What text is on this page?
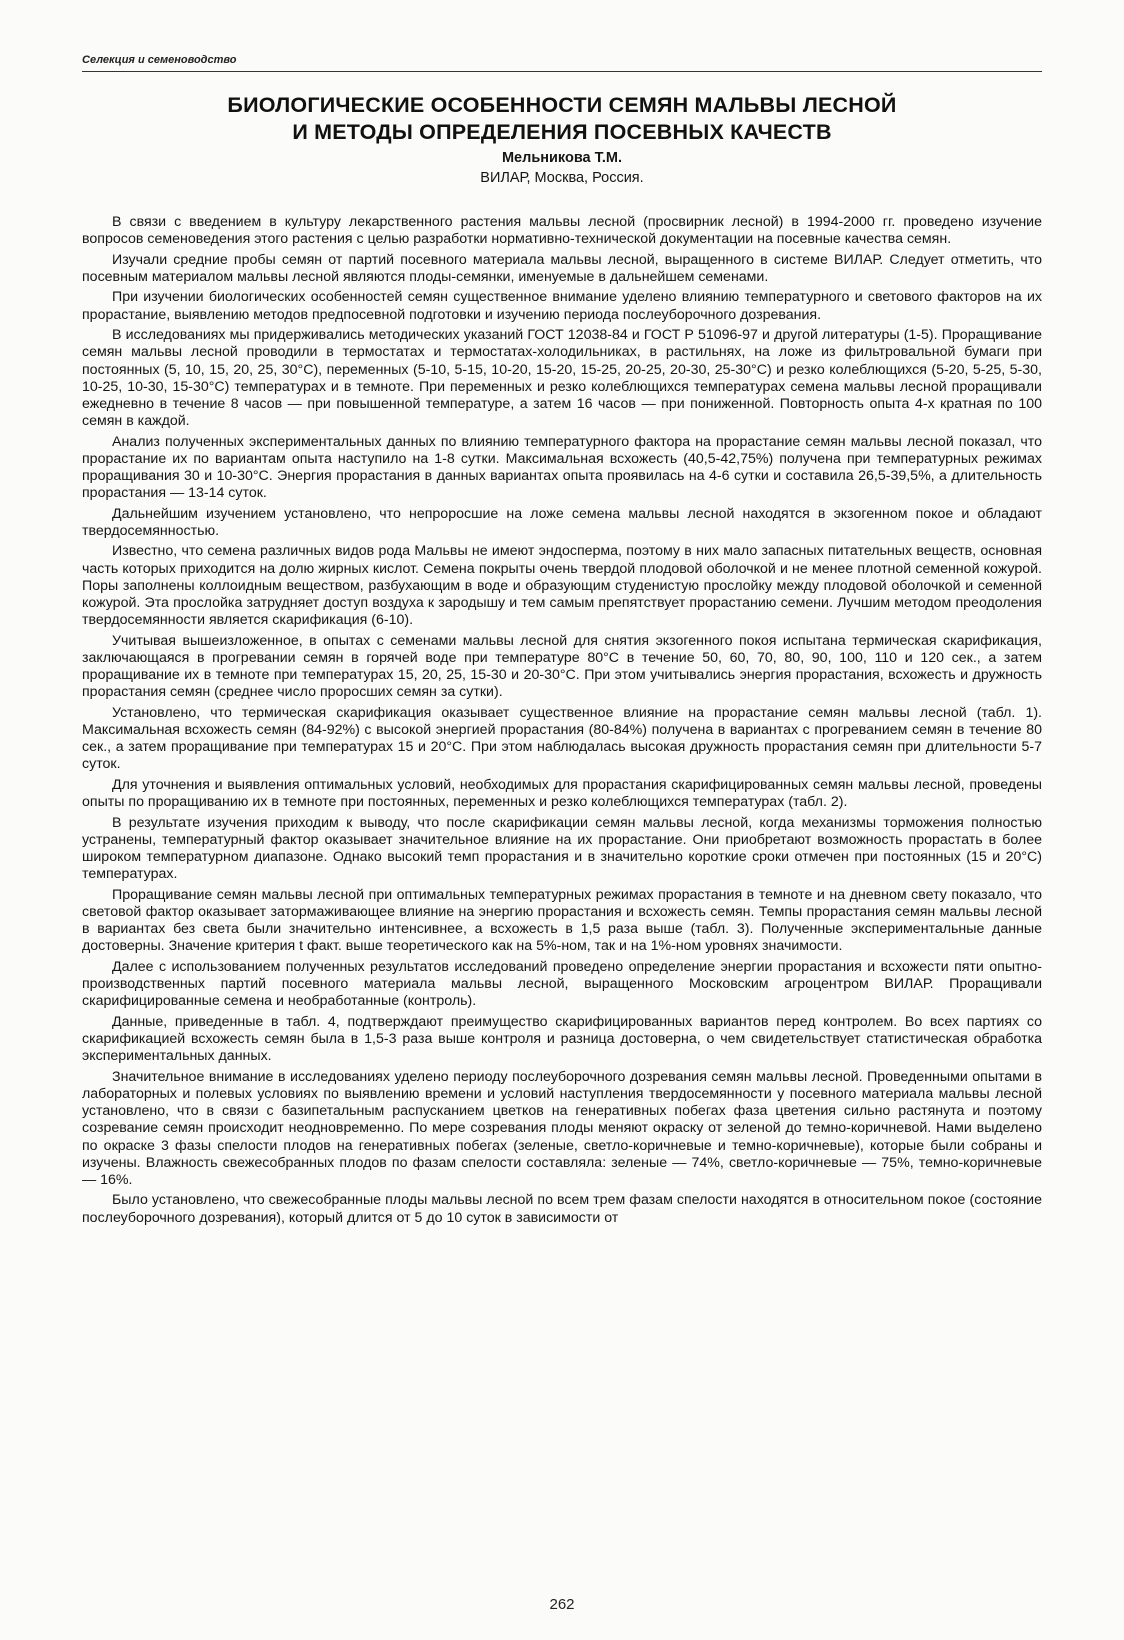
Селекция и семеноводство
БИОЛОГИЧЕСКИЕ ОСОБЕННОСТИ СЕМЯН МАЛЬВЫ ЛЕСНОЙ
И МЕТОДЫ ОПРЕДЕЛЕНИЯ ПОСЕВНЫХ КАЧЕСТВ

Мельникова Т.М.

ВИЛАР, Москва, Россия.

В связи с введением в культуру лекарственного растения мальвы лесной (просвирник лесной) в 1994-2000 гг. проведено изучение вопросов семеноведения этого растения с целью разработки нормативно-технической документации на посевные качества семян.

Изучали средние пробы семян от партий посевного материала мальвы лесной, выращенного в системе ВИЛАР. Следует отметить, что посевным материалом мальвы лесной являются плоды-семянки, именуемые в дальнейшем семенами.

При изучении биологических особенностей семян существенное внимание уделено влиянию температурного и светового факторов на их прорастание, выявлению методов предпосевной подготовки и изучению периода послеуборочного дозревания.

В исследованиях мы придерживались методических указаний ГОСТ 12038-84 и ГОСТ Р 51096-97 и другой литературы (1-5). Проращивание семян мальвы лесной проводили в термостатах и термостатах-холодильниках, в растильнях, на ложе из фильтровальной бумаги при постоянных (5, 10, 15, 20, 25, 30°С), переменных (5-10, 5-15, 10-20, 15-20, 15-25, 20-25, 20-30, 25-30°С) и резко колеблющихся (5-20, 5-25, 5-30, 10-25, 10-30, 15-30°С) температурах и в темноте. При переменных и резко колеблющихся температурах семена мальвы лесной проращивали ежедневно в течение 8 часов — при повышенной температуре, а затем 16 часов — при пониженной. Повторность опыта 4-х кратная по 100 семян в каждой.

Анализ полученных экспериментальных данных по влиянию температурного фактора на прорастание семян мальвы лесной показал, что прорастание их по вариантам опыта наступило на 1-8 сутки. Максимальная всхожесть (40,5-42,75%) получена при температурных режимах проращивания 30 и 10-30°С. Энергия прорастания в данных вариантах опыта проявилась на 4-6 сутки и составила 26,5-39,5%, а длительность прорастания — 13-14 суток.

Дальнейшим изучением установлено, что непроросшие на ложе семена мальвы лесной находятся в экзогенном покое и обладают твердосемянностью.

Известно, что семена различных видов рода Мальвы не имеют эндосперма, поэтому в них мало запасных питательных веществ, основная часть которых приходится на долю жирных кислот. Семена покрыты очень твердой плодовой оболочкой и не менее плотной семенной кожурой. Поры заполнены коллоидным веществом, разбухающим в воде и образующим студенистую прослойку между плодовой оболочкой и семенной кожурой. Эта прослойка затрудняет доступ воздуха к зародышу и тем самым препятствует прорастанию семени. Лучшим методом преодоления твердосемянности является скарификация (6-10).

Учитывая вышеизложенное, в опытах с семенами мальвы лесной для снятия экзогенного покоя испытана термическая скарификация, заключающаяся в прогревании семян в горячей воде при температуре 80°С в течение 50, 60, 70, 80, 90, 100, 110 и 120 сек., а затем проращивание их в темноте при температурах 15, 20, 25, 15-30 и 20-30°С. При этом учитывались энергия прорастания, всхожесть и дружность прорастания семян (среднее число проросших семян за сутки).

Установлено, что термическая скарификация оказывает существенное влияние на прорастание семян мальвы лесной (табл. 1). Максимальная всхожесть семян (84-92%) с высокой энергией прорастания (80-84%) получена в вариантах с прогреванием семян в течение 80 сек., а затем проращивание при температурах 15 и 20°С. При этом наблюдалась высокая дружность прорастания семян при длительности 5-7 суток.

Для уточнения и выявления оптимальных условий, необходимых для прорастания скарифицированных семян мальвы лесной, проведены опыты по проращиванию их в темноте при постоянных, переменных и резко колеблющихся температурах (табл. 2).

В результате изучения приходим к выводу, что после скарификации семян мальвы лесной, когда механизмы торможения полностью устранены, температурный фактор оказывает значительное влияние на их прорастание. Они приобретают возможность прорастать в более широком температурном диапазоне. Однако высокий темп прорастания и в значительно короткие сроки отмечен при постоянных (15 и 20°С) температурах.

Проращивание семян мальвы лесной при оптимальных температурных режимах прорастания в темноте и на дневном свету показало, что световой фактор оказывает затормаживающее влияние на энергию прорастания и всхожесть семян. Темпы прорастания семян мальвы лесной в вариантах без света были значительно интенсивнее, а всхожесть в 1,5 раза выше (табл. 3). Полученные экспериментальные данные достоверны. Значение критерия t факт. выше теоретического как на 5%-ном, так и на 1%-ном уровнях значимости.

Далее с использованием полученных результатов исследований проведено определение энергии прорастания и всхожести пяти опытно-производственных партий посевного материала мальвы лесной, выращенного Московским агроцентром ВИЛАР. Проращивали скарифицированные семена и необработанные (контроль).

Данные, приведенные в табл. 4, подтверждают преимущество скарифицированных вариантов перед контролем. Во всех партиях со скарификацией всхожесть семян была в 1,5-3 раза выше контроля и разница достоверна, о чем свидетельствует статистическая обработка экспериментальных данных.

Значительное внимание в исследованиях уделено периоду послеуборочного дозревания семян мальвы лесной. Проведенными опытами в лабораторных и полевых условиях по выявлению времени и условий наступления твердосемянности у посевного материала мальвы лесной установлено, что в связи с базипетальным распусканием цветков на генеративных побегах фаза цветения сильно растянута и поэтому созревание семян происходит неодновременно. По мере созревания плоды меняют окраску от зеленой до темно-коричневой. Нами выделено по окраске 3 фазы спелости плодов на генеративных побегах (зеленые, светло-коричневые и темно-коричневые), которые были собраны и изучены. Влажность свежесобранных плодов по фазам спелости составляла: зеленые — 74%, светло-коричневые — 75%, темно-коричневые — 16%.

Было установлено, что свежесобранные плоды мальвы лесной по всем трем фазам спелости находятся в относительном покое (состояние послеуборочного дозревания), который длится от 5 до 10 суток в зависимости от

262
